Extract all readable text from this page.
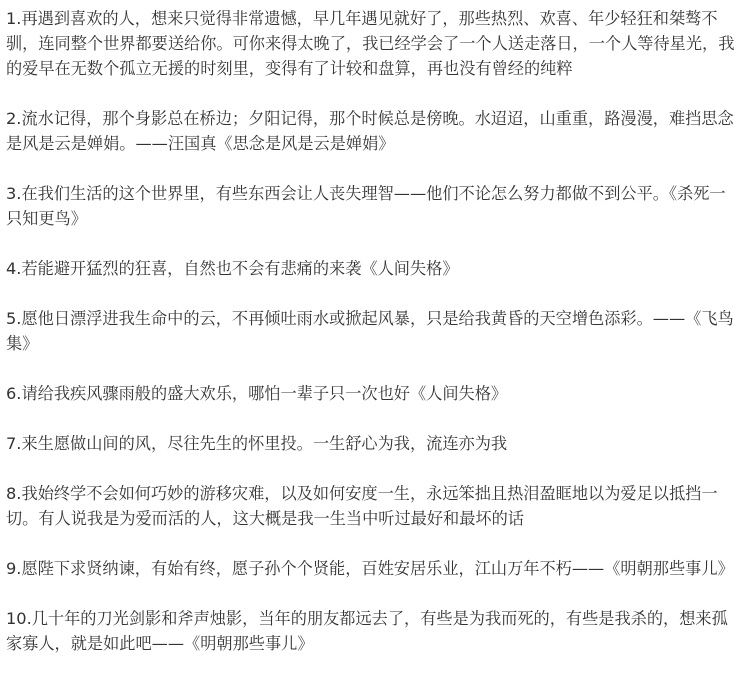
1.再遇到喜欢的人，想来只觉得非常遗憾，早几年遇见就好了，那些热烈、欢喜、年少轻狂和桀骜不驯，连同整个世界都要送给你。可你来得太晚了，我已经学会了一个人送走落日，一个人等待星光，我的爱早在无数个孤立无援的时刻里，变得有了计较和盘算，再也没有曾经的纯粹

2.流水记得，那个身影总在桥边；夕阳记得，那个时候总是傍晚。水迢迢，山重重，路漫漫，难挡思念是风是云是婵娟。——汪国真《思念是风是云是婵娟》

3.在我们生活的这个世界里，有些东西会让人丧失理智——他们不论怎么努力都做不到公平。《杀死一只知更鸟》

4.若能避开猛烈的狂喜，自然也不会有悲痛的来袭《人间失格》

5.愿他日漂浮进我生命中的云，不再倾吐雨水或掀起风暴，只是给我黄昏的天空增色添彩。——《飞鸟集》

6.请给我疾风骤雨般的盛大欢乐，哪怕一辈子只一次也好《人间失格》

7.来生愿做山间的风，尽往先生的怀里投。一生舒心为我，流连亦为我

8.我始终学不会如何巧妙的游移灾难，以及如何安度一生，永远笨拙且热泪盈眶地以为爱足以抵挡一切。有人说我是为爱而活的人，这大概是我一生当中听过最好和最坏的话

9.愿陛下求贤纳谏，有始有终，愿子孙个个贤能，百姓安居乐业，江山万年不朽——《明朝那些事儿》

10.几十年的刀光剑影和斧声烛影，当年的朋友都远去了，有些是为我而死的，有些是我杀的，想来孤家寡人，就是如此吧——《明朝那些事儿》
